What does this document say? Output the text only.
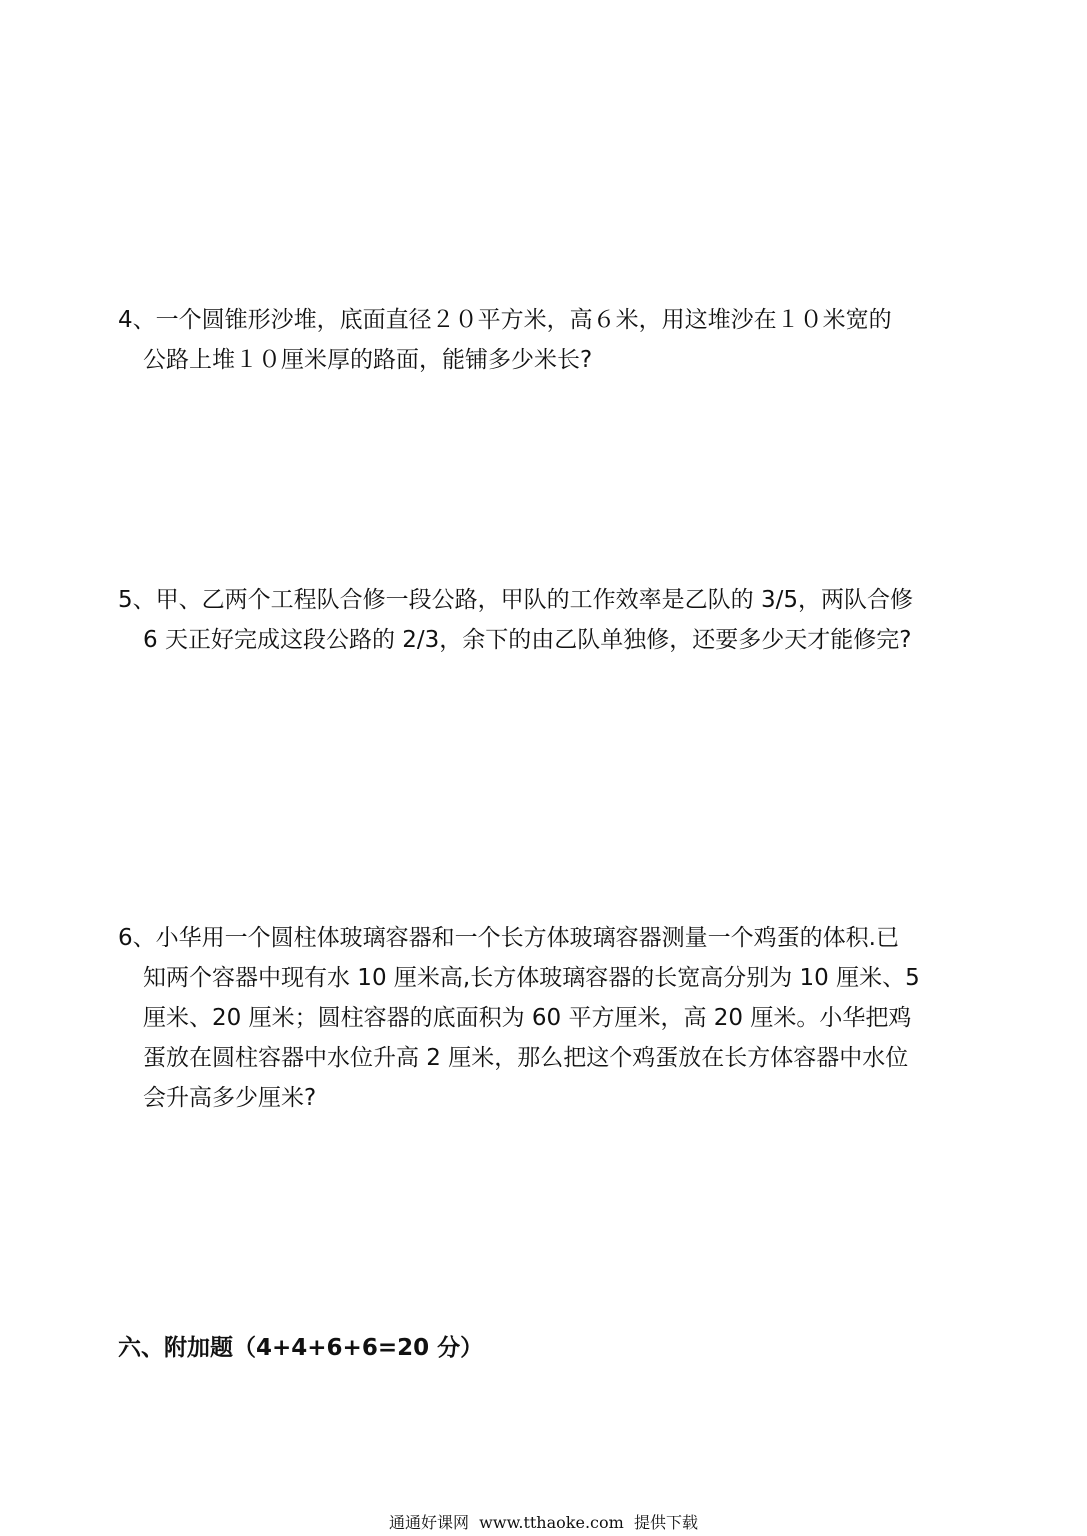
4、一个圆锥形沙堆，底面直径２０平方米，高６米，用这堆沙在１０米宽的
公路上堆１０厘米厚的路面，能铺多少米长?
5、甲、乙两个工程队合修一段公路，甲队的工作效率是乙队的 3/5，两队合修
6 天正好完成这段公路的 2/3，余下的由乙队单独修，还要多少天才能修完?
6、小华用一个圆柱体玻璃容器和一个长方体玻璃容器测量一个鸡蛋的体积.已
知两个容器中现有水 10 厘米高,长方体玻璃容器的长宽高分别为 10 厘米、5
厘米、20 厘米；圆柱容器的底面积为 60 平方厘米，高 20 厘米。小华把鸡
蛋放在圆柱容器中水位升高 2 厘米，那么把这个鸡蛋放在长方体容器中水位
会升高多少厘米?
六、附加题（4+4+6+6=20 分）
通通好课网  www.tthaoke.com  提供下载
